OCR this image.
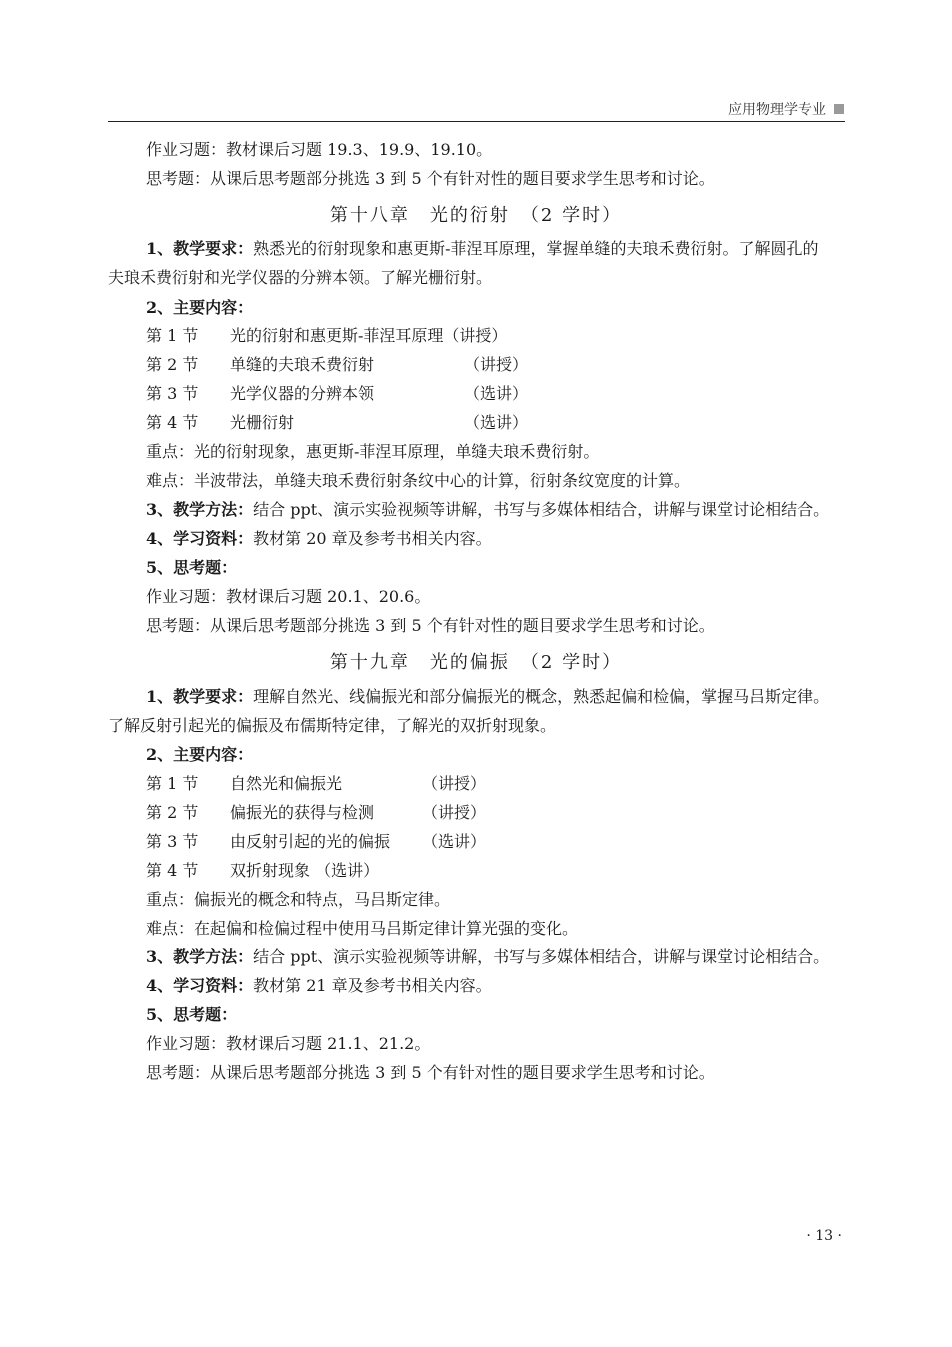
应用物理学专业
作业习题：教材课后习题 19.3、19.9、19.10。
思考题：从课后思考题部分挑选 3 到 5 个有针对性的题目要求学生思考和讨论。
第十八章　光的衍射　（2 学时）
1、教学要求：熟悉光的衍射现象和惠更斯-菲涅耳原理，掌握单缝的夫琅禾费衍射。了解圆孔的
夫琅禾费衍射和光学仪器的分辨本领。了解光栅衍射。
2、主要内容：
第 1 节 光的衍射和惠更斯-菲涅耳原理（讲授）
第 2 节 单缝的夫琅禾费衍射	（讲授）
第 3 节 光学仪器的分辨本领	（选讲）
第 4 节 光栅衍射	（选讲）
重点：光的衍射现象，惠更斯-菲涅耳原理，单缝夫琅禾费衍射。
难点：半波带法，单缝夫琅禾费衍射条纹中心的计算，衍射条纹宽度的计算。
3、教学方法：结合 ppt、演示实验视频等讲解，书写与多媒体相结合，讲解与课堂讨论相结合。
4、学习资料：教材第 20 章及参考书相关内容。
5、思考题：
作业习题：教材课后习题 20.1、20.6。
思考题：从课后思考题部分挑选 3 到 5 个有针对性的题目要求学生思考和讨论。
第十九章　光的偏振　（2 学时）
1、教学要求：理解自然光、线偏振光和部分偏振光的概念，熟悉起偏和检偏，掌握马吕斯定律。
了解反射引起光的偏振及布儒斯特定律，了解光的双折射现象。
2、主要内容：
第 1 节 自然光和偏振光	（讲授）
第 2 节 偏振光的获得与检测	（讲授）
第 3 节 由反射引起的光的偏振 （选讲）
第 4 节 双折射现象 （选讲）
重点：偏振光的概念和特点，马吕斯定律。
难点：在起偏和检偏过程中使用马吕斯定律计算光强的变化。
3、教学方法：结合 ppt、演示实验视频等讲解，书写与多媒体相结合，讲解与课堂讨论相结合。
4、学习资料：教材第 21 章及参考书相关内容。
5、思考题：
作业习题：教材课后习题 21.1、21.2。
思考题：从课后思考题部分挑选 3 到 5 个有针对性的题目要求学生思考和讨论。
· 13 ·
